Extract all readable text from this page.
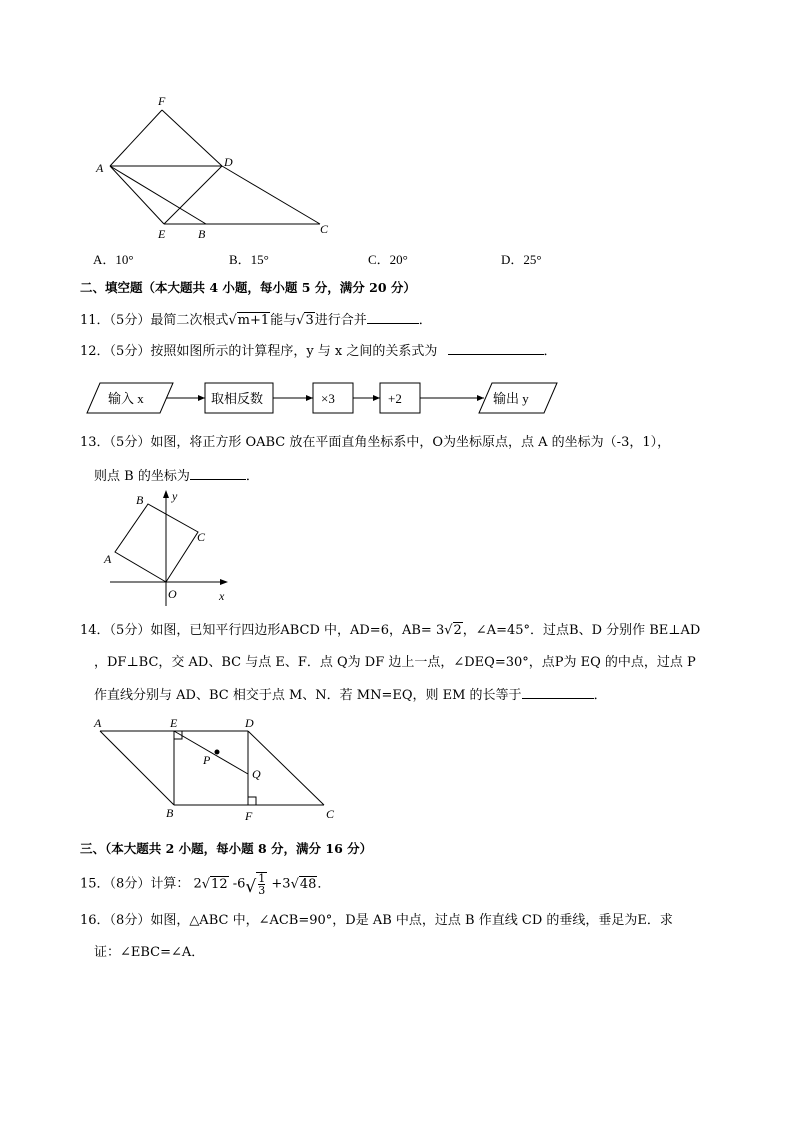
F
A	D
E	B	C
A．10°	B．15°	C．20°	D．25°
二、填空题（本大题共 4 小题，每小题 5 分，满分 20 分）
11．（5分）最简二次根式√m+1能与√3进行合并	．
12．（5分）按照如图所示的计算程序，y 与 x 之间的关系式为	．
输入 x	取相反数	×3	+2	输出 y
13．（5分）如图，将正方形 OABC 放在平面直角坐标系中，O为坐标原点，点 A 的坐标为（-3，1），
则点 B 的坐标为	．
B y
C
A
O	x
14．（5分）如图，已知平行四边形ABCD 中，AD=6，AB= 3√2，∠A=45°．过点B、D 分别作 BE⊥AD
，DF⊥BC，交 AD、BC 与点 E、F．点 Q为 DF 边上一点，∠DEQ=30°，点P为 EQ 的中点，过点 P
作直线分别与 AD、BC 相交于点 M、N．若 MN=EQ，则 EM 的长等于	．
A	E	D
P
Q
B	F	C
三、（本大题共 2 小题，每小题 8 分，满分 16 分）
15．（8分）计算： 2√12 $-6√ \frac{1}{3} +3√48$．
16．（8分）如图，△ABC 中，∠ACB=90°，D是 AB 中点，过点 B 作直线 CD 的垂线，垂足为E．求
证：∠EBC=∠A．
